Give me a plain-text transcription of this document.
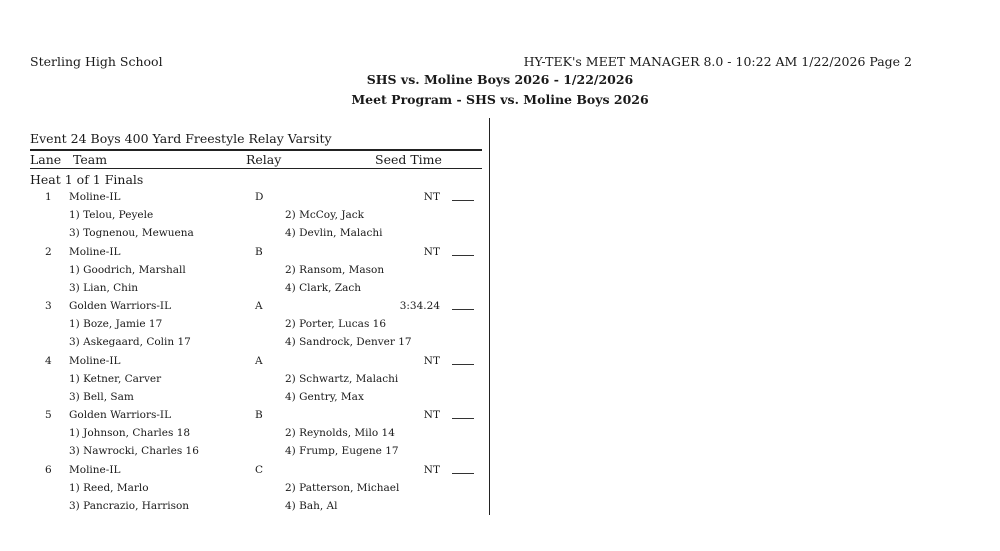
Sterling High School	HY-TEK's MEET MANAGER 8.0 - 10:22 AM 1/22/2026 Page 2
SHS vs. Moline Boys 2026 - 1/22/2026
Meet Program - SHS vs. Moline Boys 2026
Event 24 Boys 400 Yard Freestyle Relay Varsity
Lane Team	Relay	Seed Time
Heat 1 of 1 Finals
1 Moline-IL	D	NT
1) Telou, Peyele	2) McCoy, Jack
3) Tognenou, Mewuena	4) Devlin, Malachi
2 Moline-IL	B	NT
1) Goodrich, Marshall	2) Ransom, Mason
3) Lian, Chin	4) Clark, Zach
3 Golden Warriors-IL	A	3:34.24
1) Boze, Jamie 17	2) Porter, Lucas 16
3) Askegaard, Colin 17	4) Sandrock, Denver 17
4 Moline-IL	A	NT
1) Ketner, Carver	2) Schwartz, Malachi
3) Bell, Sam	4) Gentry, Max
5 Golden Warriors-IL	B	NT
1) Johnson, Charles 18	2) Reynolds, Milo 14
3) Nawrocki, Charles 16	4) Frump, Eugene 17
6 Moline-IL	C	NT
1) Reed, Marlo	2) Patterson, Michael
3) Pancrazio, Harrison	4) Bah, Al
